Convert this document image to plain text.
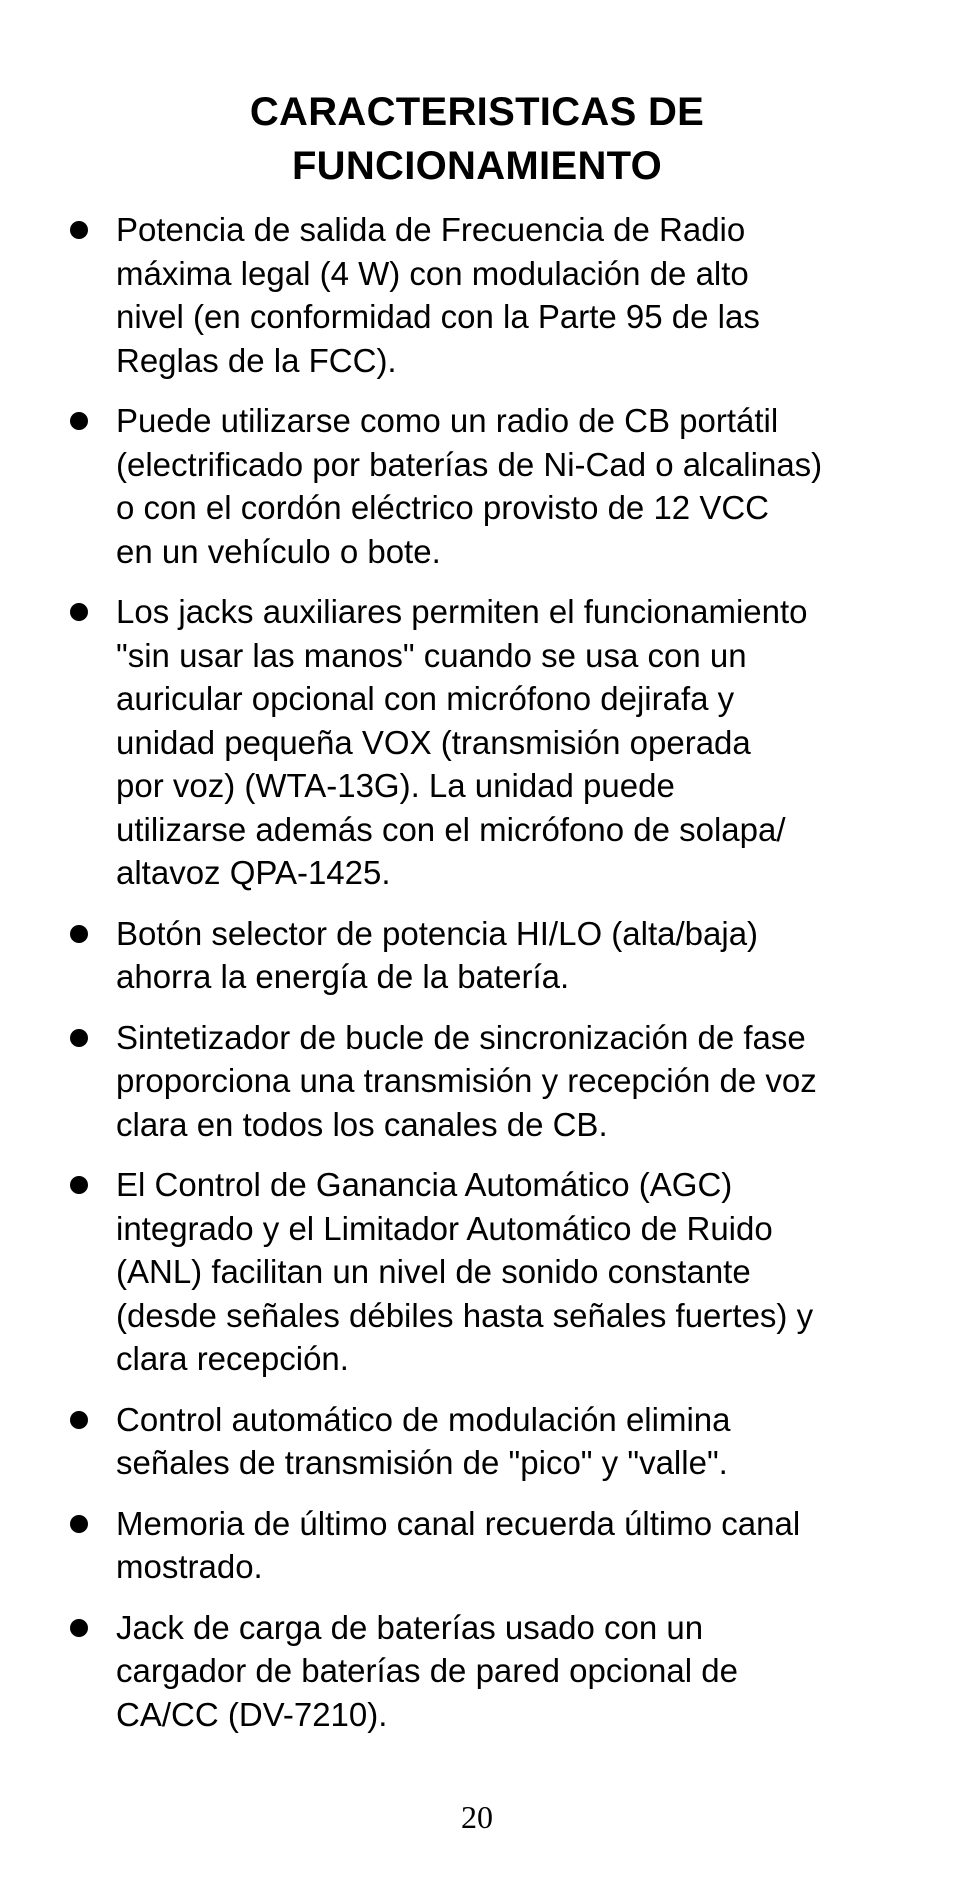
CARACTERISTICAS DE
FUNCIONAMIENTO
Potencia de salida de Frecuencia de Radio
máxima legal (4 W) con modulación de alto
nivel (en conformidad con la Parte 95 de las
Reglas de la FCC).
Puede utilizarse como un radio de CB portátil
(electrificado por baterías de Ni-Cad o alcalinas)
o con el cordón eléctrico provisto de 12 VCC
en un vehículo o bote.
Los jacks auxiliares permiten el funcionamiento
"sin usar las manos" cuando se usa con un
auricular opcional con micrófono dejirafa y
unidad pequeña VOX (transmisión operada
por voz) (WTA-13G). La unidad puede
utilizarse además con el micrófono de solapa/
altavoz QPA-1425.
Botón selector de potencia HI/LO (alta/baja)
ahorra la energía de la batería.
Sintetizador de bucle de sincronización de fase
proporciona una transmisión y recepción de voz
clara en todos los canales de CB.
El Control de Ganancia Automático (AGC)
integrado y el Limitador Automático de Ruido
(ANL) facilitan un nivel de sonido constante
(desde señales débiles hasta señales fuertes) y
clara recepción.
Control automático de modulación elimina
señales de transmisión de "pico" y "valle".
Memoria de último canal recuerda último canal
mostrado.
Jack de carga de baterías usado con un
cargador de baterías de pared opcional de
CA/CC (DV-7210).
20
